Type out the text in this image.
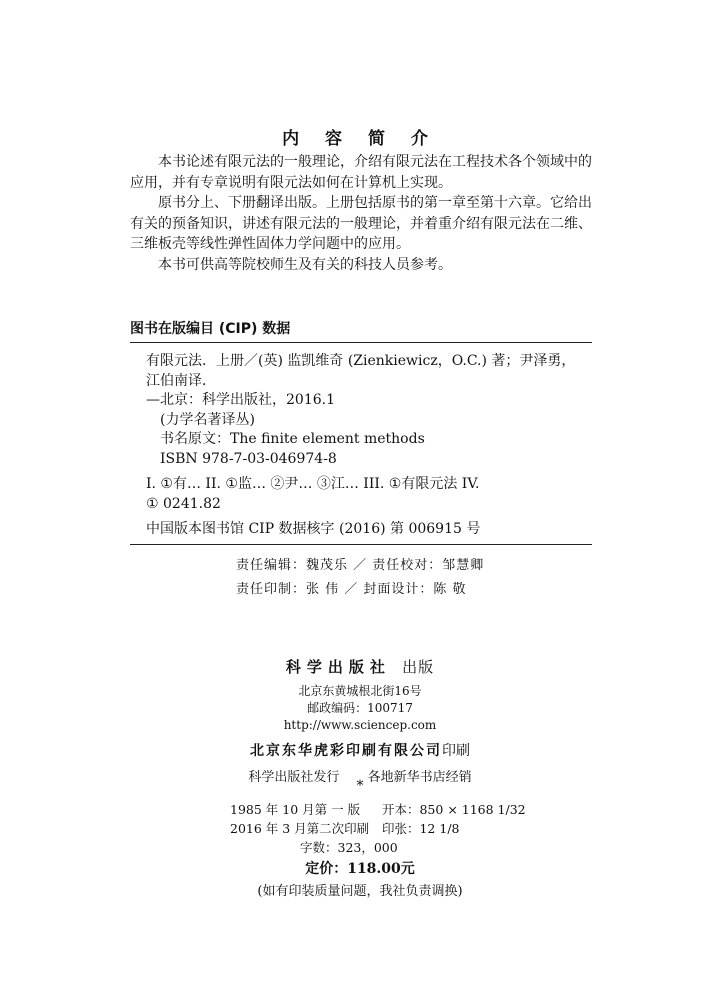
内 容 简 介

本书论述有限元法的一般理论，介绍有限元法在工程技术各个领域中的应用，并有专章说明有限元法如何在计算机上实现。

原书分上、下册翻译出版。上册包括原书的第一章至第十六章。它给出有关的预备知识，讲述有限元法的一般理论，并着重介绍有限元法在二维、三维板壳等线性弹性固体力学问题中的应用。

本书可供高等院校师生及有关的科技人员参考。

图书在版编目 (CIP) 数据
有限元法．上册／(英) 监凯维奇 (Zienkiewicz，O.C.) 著；尹泽勇，
江伯南译．
—北京：科学出版社，2016.1
(力学名著译丛)
书名原文：The finite element methods
ISBN 978-7-03-046974-8
I. ①有… II. ①监… ②尹… ③江… III. ①有限元法 IV.
① 0241.82
中国版本图书馆 CIP 数据核字 (2016) 第 006915 号
责任编辑：魏茂乐 ／ 责任校对：邹慧卿
责任印制：张 伟 ／ 封面设计：陈 敬
科学出版社 出版
北京东黄城根北街16号
邮政编码：100717
http://www.sciencep.com
北京东华虎彩印刷有限公司印刷
科学出版社发行 各地新华书店经销
*
1985 年 10 月第 一 版 开本：850 × 1168 1/32
2016 年 3 月第二次印刷 印张：12 1/8
字数：323，000
定价：118.00元
(如有印装质量问题，我社负责调换)
